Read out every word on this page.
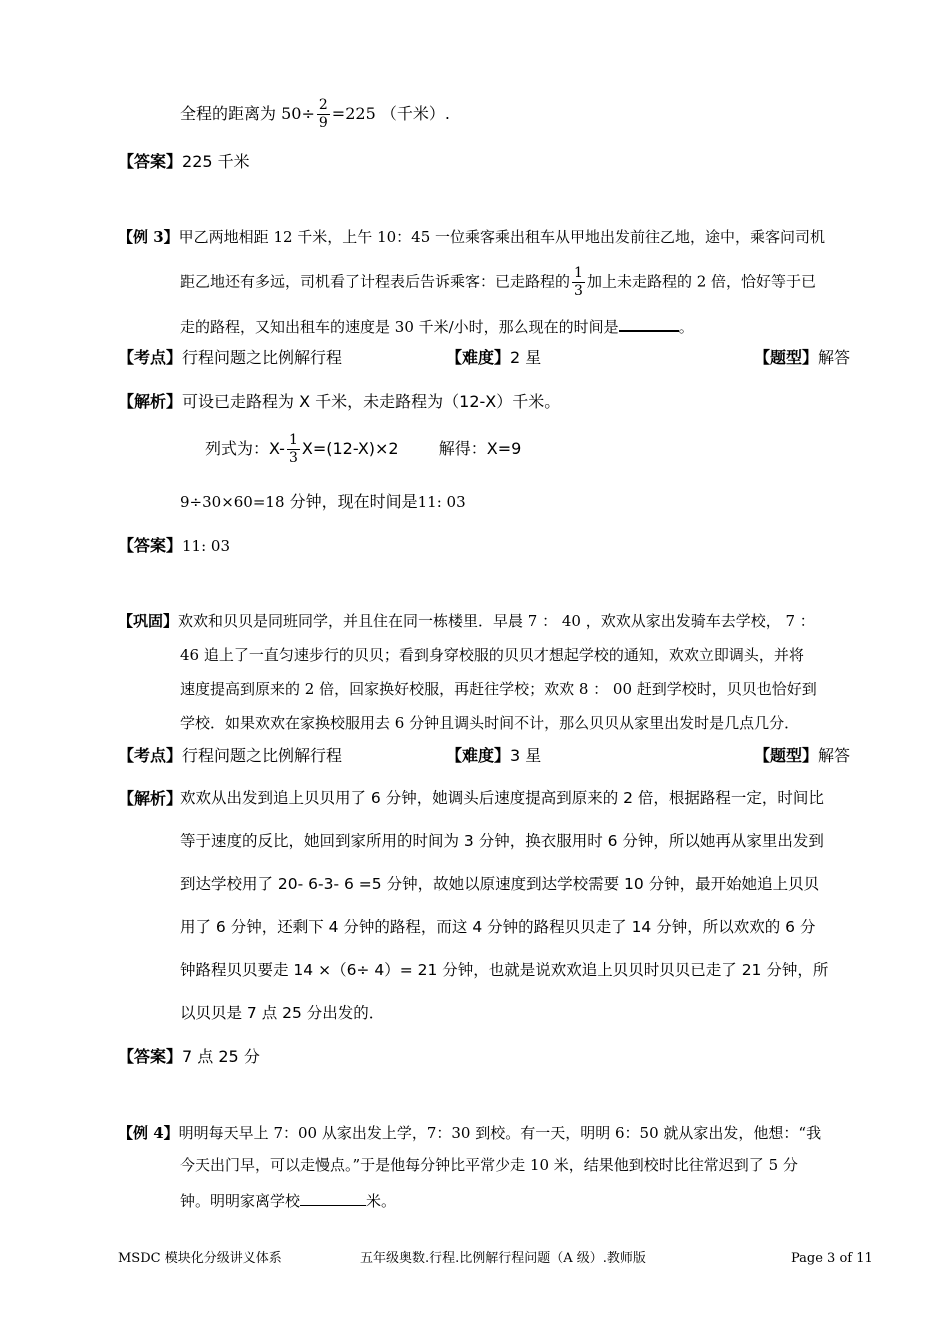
全程的距离为 $50\div \frac{2}{9} =225$ （千米）.
【答案】225 千米
【例 3】甲乙两地相距 12 千米，上午 10：45 一位乘客乘出租车从甲地出发前往乙地，途中，乘客问司机
距乙地还有多远，司机看了计程表后告诉乘客：已走路程的 $\frac{1}{3}$ 加上未走路程的 2 倍，恰好等于已
走的路程，又知出租车的速度是 30 千米/小时，那么现在的时间是	。
【考点】行程问题之比例解行程	【难度】2 星	【题型】解答
【解析】可设已走路程为 X 千米，未走路程为（12-X）千米。
列式为：$X- \frac{1}{3} X=(12-X)\times 2$	解得：X=9
9÷30×60=18 分钟，现在时间是11: 03
【答案】11: 03
【巩固】欢欢和贝贝是同班同学，并且住在同一栋楼里．早晨 7 ： 40 ，欢欢从家出发骑车去学校， 7 ：
46 追上了一直匀速步行的贝贝；看到身穿校服的贝贝才想起学校的通知，欢欢立即调头，并将
速度提高到原来的 2 倍，回家换好校服，再赶往学校；欢欢 8 ： 00 赶到学校时，贝贝也恰好到
学校．如果欢欢在家换校服用去 6 分钟且调头时间不计，那么贝贝从家里出发时是几点几分．
【考点】行程问题之比例解行程	【难度】3 星	【题型】解答
【解析】
欢欢从出发到追上贝贝用了 6 分钟，她调头后速度提高到原来的 2 倍，根据路程一定，时间比
等于速度的反比，她回到家所用的时间为 3 分钟，换衣服用时 6 分钟，所以她再从家里出发到
到达学校用了 20- 6-3- 6 =5 分钟，故她以原速度到达学校需要 10 分钟，最开始她追上贝贝
用了 6 分钟，还剩下 4 分钟的路程，而这 4 分钟的路程贝贝走了 14 分钟，所以欢欢的 6 分
钟路程贝贝要走 14 ×（6÷ 4）= 21 分钟，也就是说欢欢追上贝贝时贝贝已走了 21 分钟，所
以贝贝是 7 点 25 分出发的．
【答案】7 点 25 分
【例 4】明明每天早上 7：00 从家出发上学，7：30 到校。有一天，明明 6：50 就从家出发，他想：“我
今天出门早，可以走慢点。”于是他每分钟比平常少走 10 米，结果他到校时比往常迟到了 5 分
钟。明明家离学校	米。
MSDC 模块化分级讲义体系	五年级奥数.行程.比例解行程问题（A 级）.教师版	Page 3 of 11
